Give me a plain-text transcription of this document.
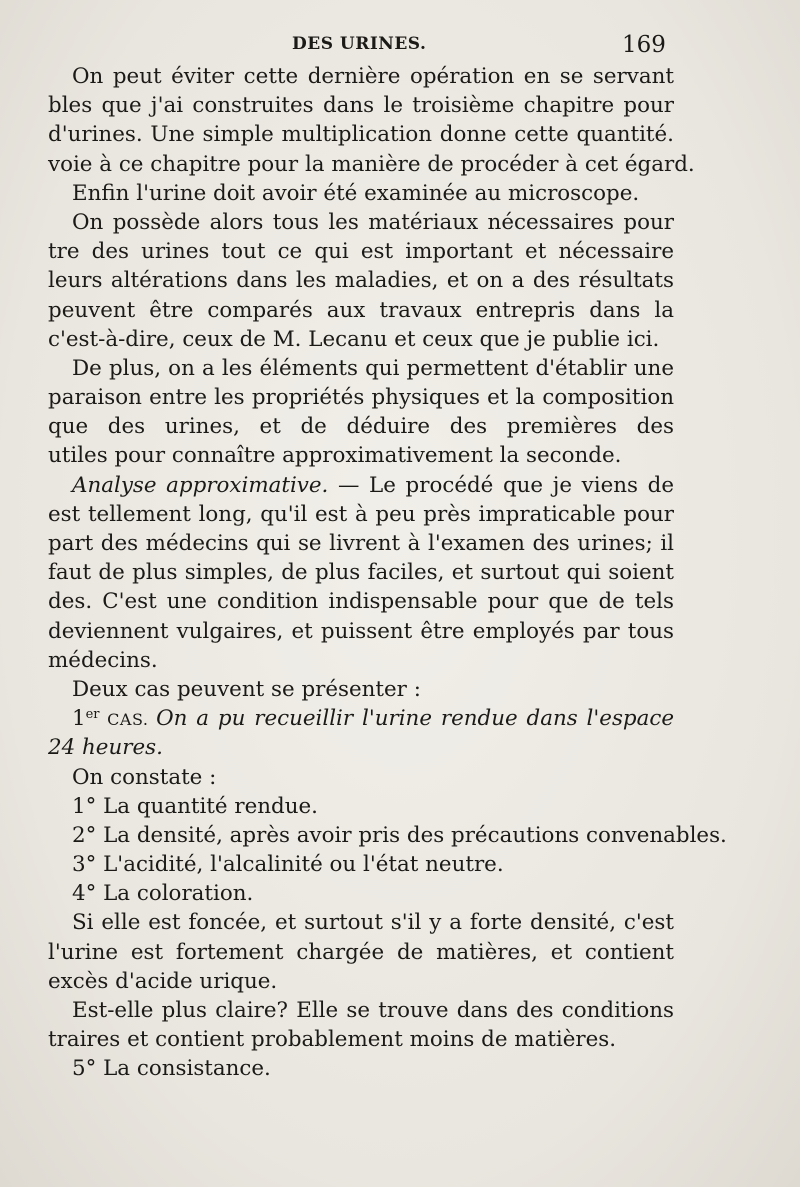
DES URINES.	169
On peut éviter cette dernière opération en se servant
bles que j'ai construites dans le troisième chapitre pour
d'urines. Une simple multiplication donne cette quantité.
voie à ce chapitre pour la manière de procéder à cet égard.
Enfin l'urine doit avoir été examinée au microscope.
On possède alors tous les matériaux nécessaires pour
tre des urines tout ce qui est important et nécessaire
leurs altérations dans les maladies, et on a des résultats
peuvent être comparés aux travaux entrepris dans la
c'est-à-dire, ceux de M. Lecanu et ceux que je publie ici.
De plus, on a les éléments qui permettent d'établir une
paraison entre les propriétés physiques et la composition
que des urines, et de déduire des premières des
utiles pour connaître approximativement la seconde.
Analyse approximative. — Le procédé que je viens de
est tellement long, qu'il est à peu près impraticable pour
part des médecins qui se livrent à l'examen des urines; il
faut de plus simples, de plus faciles, et surtout qui soient
des. C'est une condition indispensable pour que de tels
deviennent vulgaires, et puissent être employés par tous
médecins.
Deux cas peuvent se présenter :
1er CAS. On a pu recueillir l'urine rendue dans l'espace
24 heures.
On constate :
1° La quantité rendue.
2° La densité, après avoir pris des précautions convenables.
3° L'acidité, l'alcalinité ou l'état neutre.
4° La coloration.
Si elle est foncée, et surtout s'il y a forte densité, c'est
l'urine est fortement chargée de matières, et contient
excès d'acide urique.
Est-elle plus claire? Elle se trouve dans des conditions
traires et contient probablement moins de matières.
5° La consistance.
